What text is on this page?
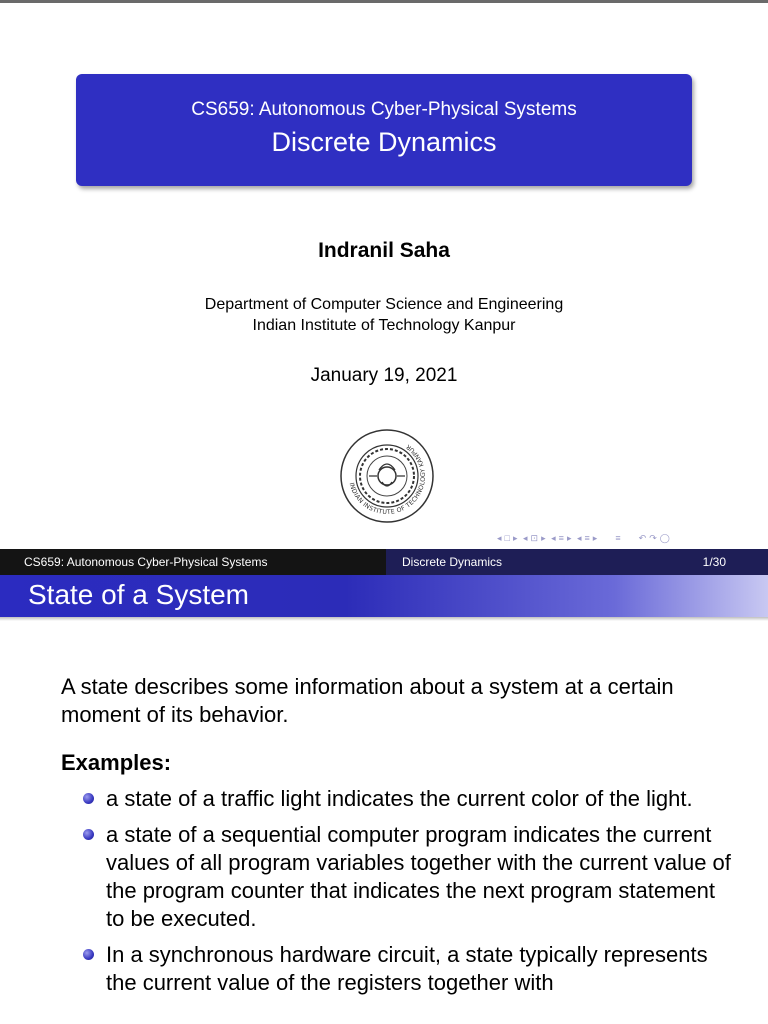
CS659: Autonomous Cyber-Physical Systems
Discrete Dynamics
Indranil Saha
Department of Computer Science and Engineering
Indian Institute of Technology Kanpur
January 19, 2021
INDIAN INSTITUTE OF TECHNOLOGY KANPUR
◂ □ ▸ ◂ ⊡ ▸ ◂ ≡ ▸ ◂ ≡ ▸ ≡ ↶ ↷ ◯
CS659: Autonomous Cyber-Physical Systems	Discrete Dynamics	1/30
State of a System
A state describes some information about a system at a certain moment of its behavior.
Examples:
a state of a traffic light indicates the current color of the light.
a state of a sequential computer program indicates the current values of all program variables together with the current value of the program counter that indicates the next program statement to be executed.
In a synchronous hardware circuit, a state typically represents the current value of the registers together with
